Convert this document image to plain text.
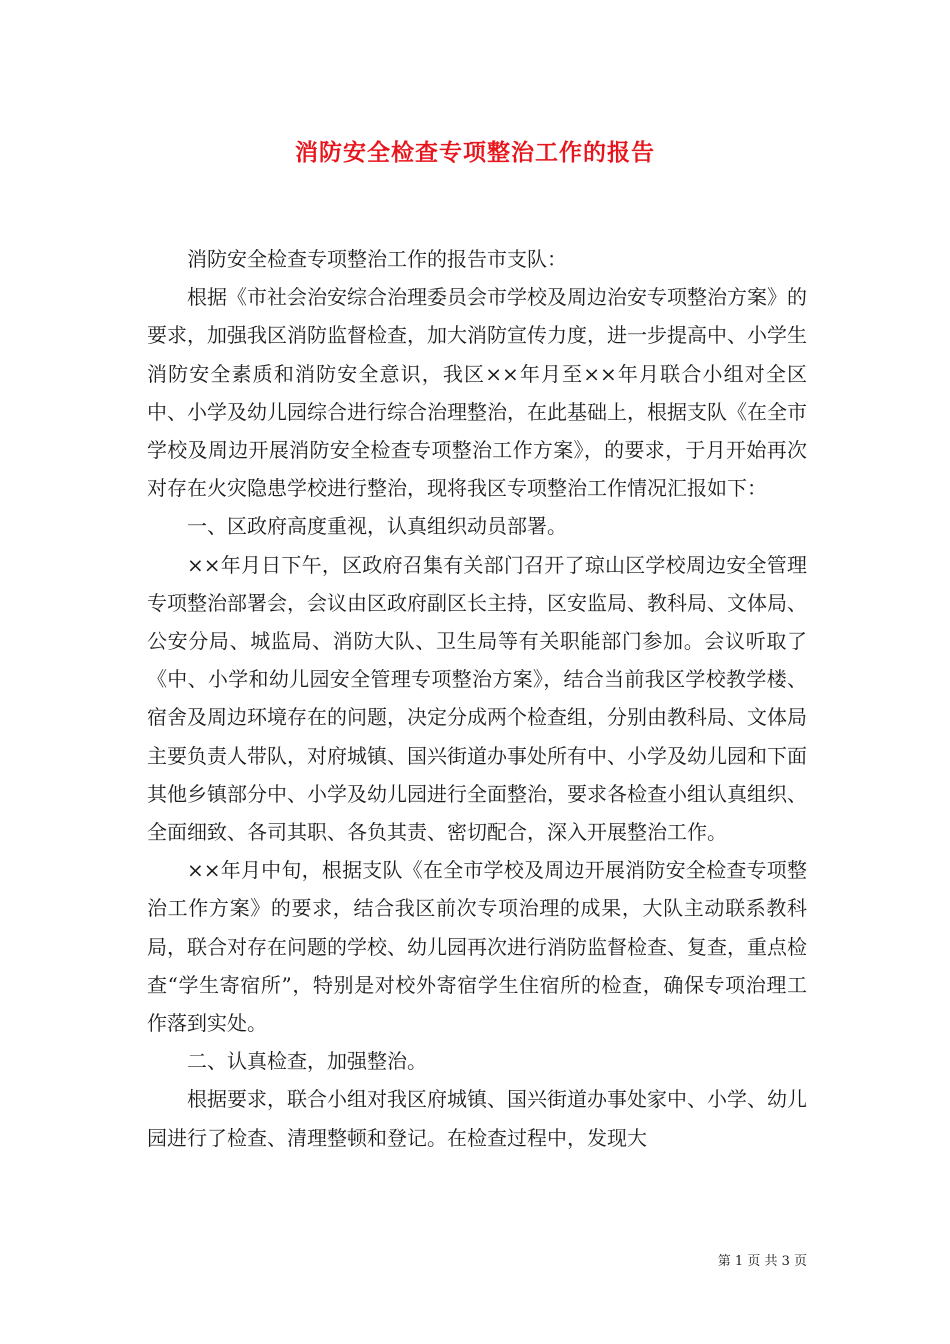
消防安全检查专项整治工作的报告

消防安全检查专项整治工作的报告市支队：

根据《市社会治安综合治理委员会市学校及周边治安专项整治方案》的要求，加强我区消防监督检查，加大消防宣传力度，进一步提高中、小学生消防安全素质和消防安全意识，我区××年月至××年月联合小组对全区中、小学及幼儿园综合进行综合治理整治，在此基础上，根据支队《在全市学校及周边开展消防安全检查专项整治工作方案》，的要求，于月开始再次对存在火灾隐患学校进行整治，现将我区专项整治工作情况汇报如下：

一、区政府高度重视，认真组织动员部署。

××年月日下午，区政府召集有关部门召开了琼山区学校周边安全管理专项整治部署会，会议由区政府副区长主持，区安监局、教科局、文体局、公安分局、城监局、消防大队、卫生局等有关职能部门参加。会议听取了《中、小学和幼儿园安全管理专项整治方案》，结合当前我区学校教学楼、宿舍及周边环境存在的问题，决定分成两个检查组，分别由教科局、文体局主要负责人带队，对府城镇、国兴街道办事处所有中、小学及幼儿园和下面其他乡镇部分中、小学及幼儿园进行全面整治，要求各检查小组认真组织、全面细致、各司其职、各负其责、密切配合，深入开展整治工作。

××年月中旬，根据支队《在全市学校及周边开展消防安全检查专项整治工作方案》的要求，结合我区前次专项治理的成果，大队主动联系教科局，联合对存在问题的学校、幼儿园再次进行消防监督检查、复查，重点检查“学生寄宿所”，特别是对校外寄宿学生住宿所的检查，确保专项治理工作落到实处。

二、认真检查，加强整治。

根据要求，联合小组对我区府城镇、国兴街道办事处家中、小学、幼儿园进行了检查、清理整顿和登记。在检查过程中，发现大

第 1 页 共 3 页
